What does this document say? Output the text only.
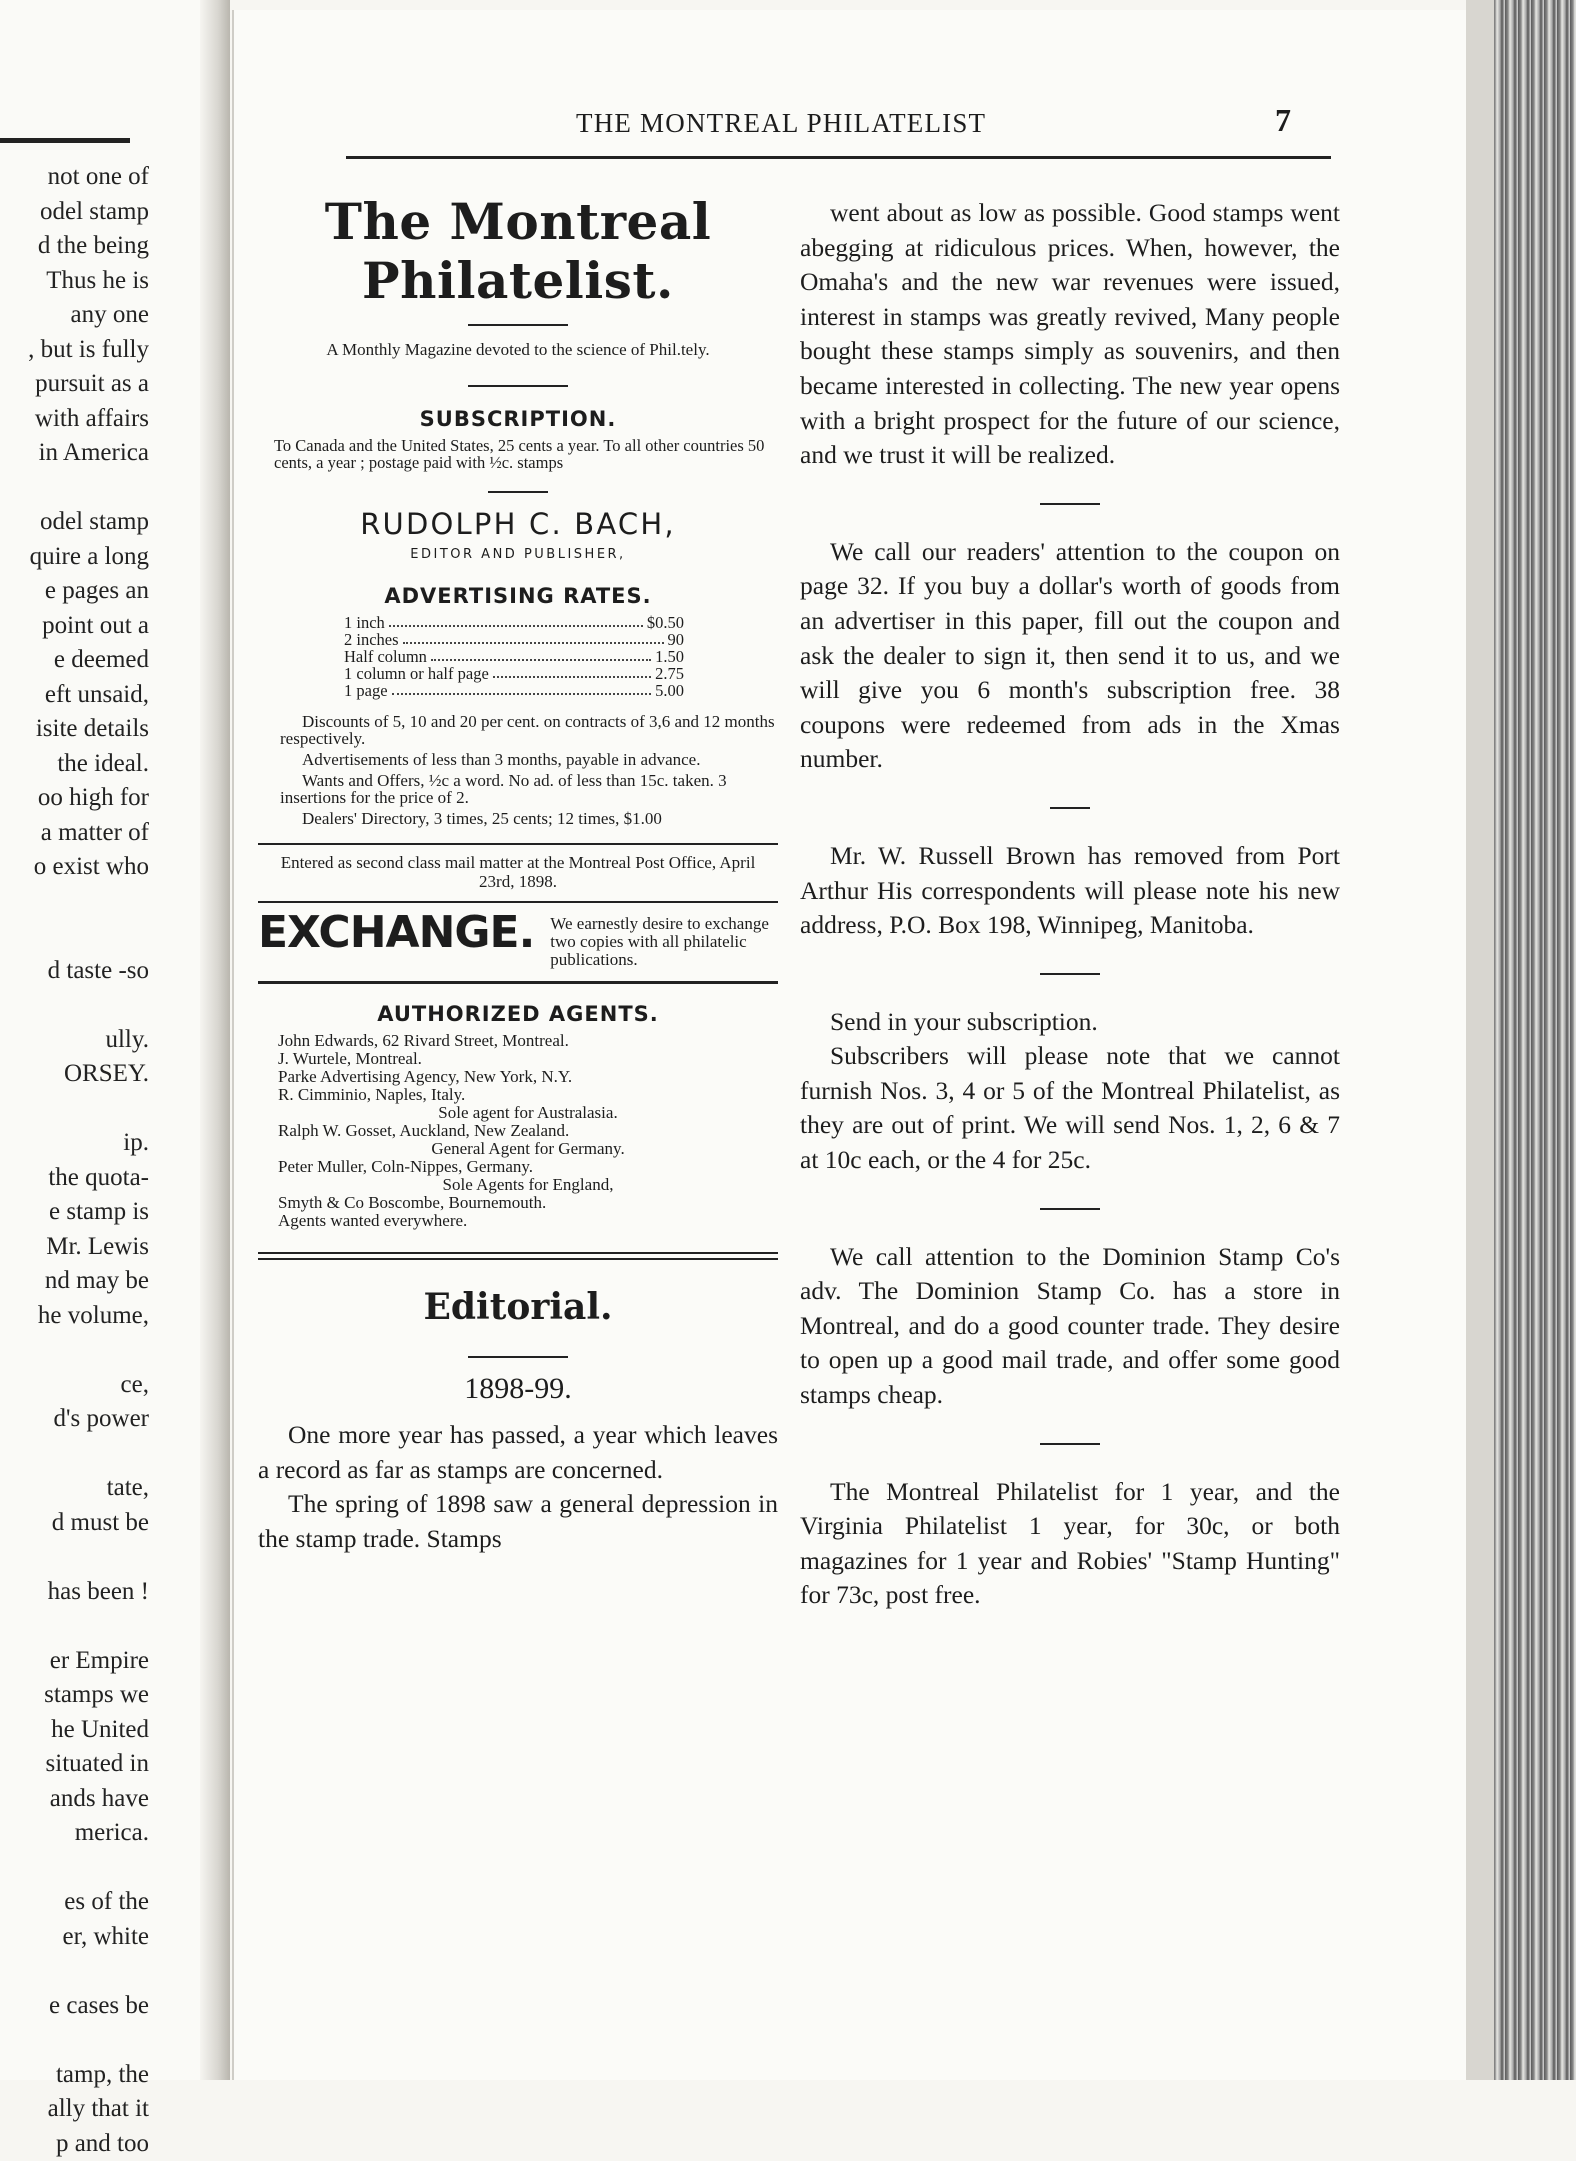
not one of
odel stamp
d the being
Thus he is
any one
, but is fully
pursuit as a
with affairs
in America

odel stamp
quire a long
e pages an
point out a
e deemed
eft unsaid,
isite details
the ideal.
oo high for
a matter of
o exist who

d taste -so

ully.
ORSEY.

ip.
the quota-
e stamp is
Mr. Lewis
nd may be
he volume,

ce,
d's power

tate,
d must be

has been !

er Empire
stamps we
he United
situated in
ands have
merica.

es of the
er, white

e cases be

tamp, the
ally that it
p and too
THE MONTREAL PHILATELIST	7
The Montreal Philatelist.
A Monthly Magazine devoted to the science of Phil.tely.
SUBSCRIPTION.
To Canada and the United States, 25 cents a year. To all other countries 50 cents, a year ; postage paid with ½c. stamps
RUDOLPH C. BACH,
EDITOR AND PUBLISHER,
ADVERTISING RATES.
1 inch	$0.50
2 inches	90
Half column	1.50
1 column or half page	2.75
1 page	5.00
Discounts of 5, 10 and 20 per cent. on contracts of 3,6 and 12 months respectively.
Advertisements of less than 3 months, payable in advance.
Wants and Offers, ½c a word. No ad. of less than 15c. taken. 3 insertions for the price of 2.
Dealers' Directory, 3 times, 25 cents; 12 times, $1.00
Entered as second class mail matter at the Montreal Post Office, April 23rd, 1898.
EXCHANGE. We earnestly desire to exchange two copies with all philatelic publications.
AUTHORIZED AGENTS.
John Edwards, 62 Rivard Street, Montreal.
J. Wurtele, Montreal.
Parke Advertising Agency, New York, N.Y.
R. Cimminio, Naples, Italy.
Sole agent for Australasia.
Ralph W. Gosset, Auckland, New Zealand.
General Agent for Germany.
Peter Muller, Coln-Nippes, Germany.
Sole Agents for England,
Smyth & Co Boscombe, Bournemouth.
Agents wanted everywhere.
Editorial.
1898-99.

One more year has passed, a year which leaves a record as far as stamps are concerned.

The spring of 1898 saw a general depression in the stamp trade. Stamps

went about as low as possible. Good stamps went abegging at ridiculous prices. When, however, the Omaha's and the new war revenues were issued, interest in stamps was greatly revived, Many people bought these stamps simply as souvenirs, and then became interested in collecting. The new year opens with a bright prospect for the future of our science, and we trust it will be realized.

We call our readers' attention to the coupon on page 32. If you buy a dollar's worth of goods from an advertiser in this paper, fill out the coupon and ask the dealer to sign it, then send it to us, and we will give you 6 month's subscription free. 38 coupons were redeemed from ads in the Xmas number.

Mr. W. Russell Brown has removed from Port Arthur His correspondents will please note his new address, P.O. Box 198, Winnipeg, Manitoba.

Send in your subscription.

Subscribers will please note that we cannot furnish Nos. 3, 4 or 5 of the Montreal Philatelist, as they are out of print. We will send Nos. 1, 2, 6 & 7 at 10c each, or the 4 for 25c.

We call attention to the Dominion Stamp Co's adv. The Dominion Stamp Co. has a store in Montreal, and do a good counter trade. They desire to open up a good mail trade, and offer some good stamps cheap.

The Montreal Philatelist for 1 year, and the Virginia Philatelist 1 year, for 30c, or both magazines for 1 year and Robies' "Stamp Hunting" for 73c, post free.
